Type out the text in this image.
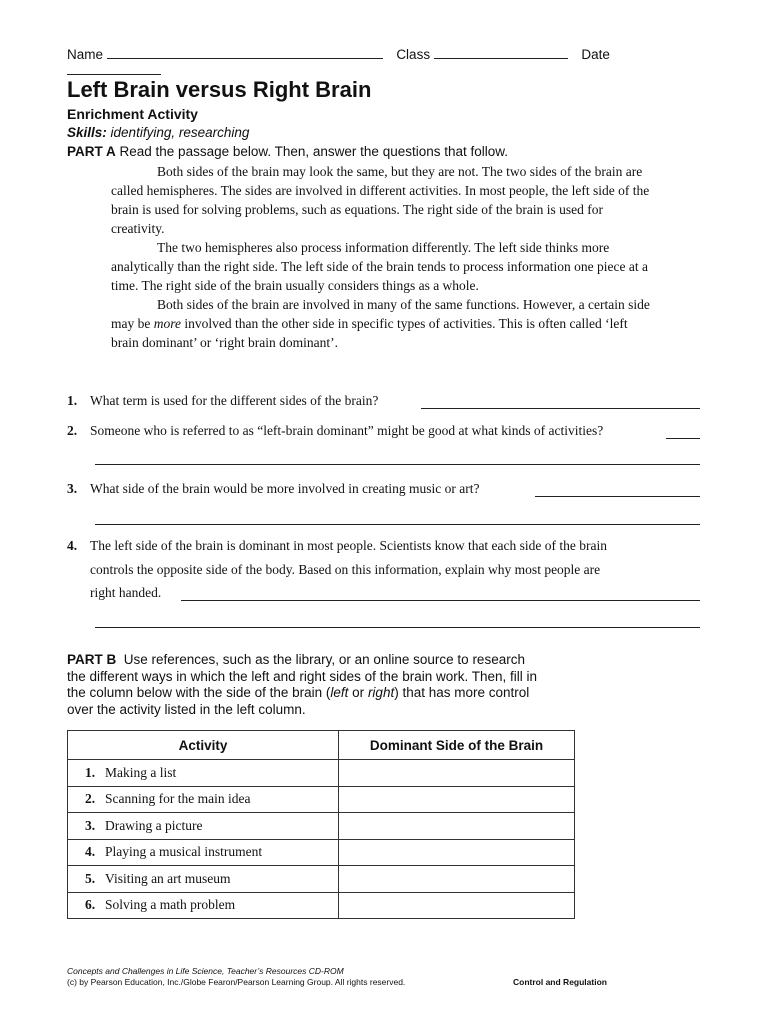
Name	Class	Date
Left Brain versus Right Brain
Enrichment Activity
Skills: identifying, researching
PART A Read the passage below. Then, answer the questions that follow.

Both sides of the brain may look the same, but they are not. The two sides of the brain are called hemispheres. The sides are involved in different activities. In most people, the left side of the brain is used for solving problems, such as equations. The right side of the brain is used for creativity.

The two hemispheres also process information differently. The left side thinks more analytically than the right side. The left side of the brain tends to process information one piece at a time. The right side of the brain usually considers things as a whole.

Both sides of the brain are involved in many of the same functions. However, a certain side may be more involved than the other side in specific types of activities. This is often called ‘left brain dominant’ or ‘right brain dominant’.

1. What term is used for the different sides of the brain?
2. Someone who is referred to as “left-brain dominant” might be good at what kinds of activities?
3. What side of the brain would be more involved in creating music or art?
4. The left side of the brain is dominant in most people. Scientists know that each side of the brain
controls the opposite side of the body. Based on this information, explain why most people are
right handed.
PART B Use references, such as the library, or an online source to research the different ways in which the left and right sides of the brain work. Then, fill in the column below with the side of the brain (left or right) that has more control over the activity listed in the left column.
Activity	Dominant Side of the Brain
1. Making a list	
2. Scanning for the main idea	
3. Drawing a picture	
4. Playing a musical instrument	
5. Visiting an art museum	
6. Solving a math problem	
Concepts and Challenges in Life Science, Teacher’s Resources CD-ROM
(c) by Pearson Education, Inc./Globe Fearon/Pearson Learning Group. All rights reserved.	Control and Regulation
